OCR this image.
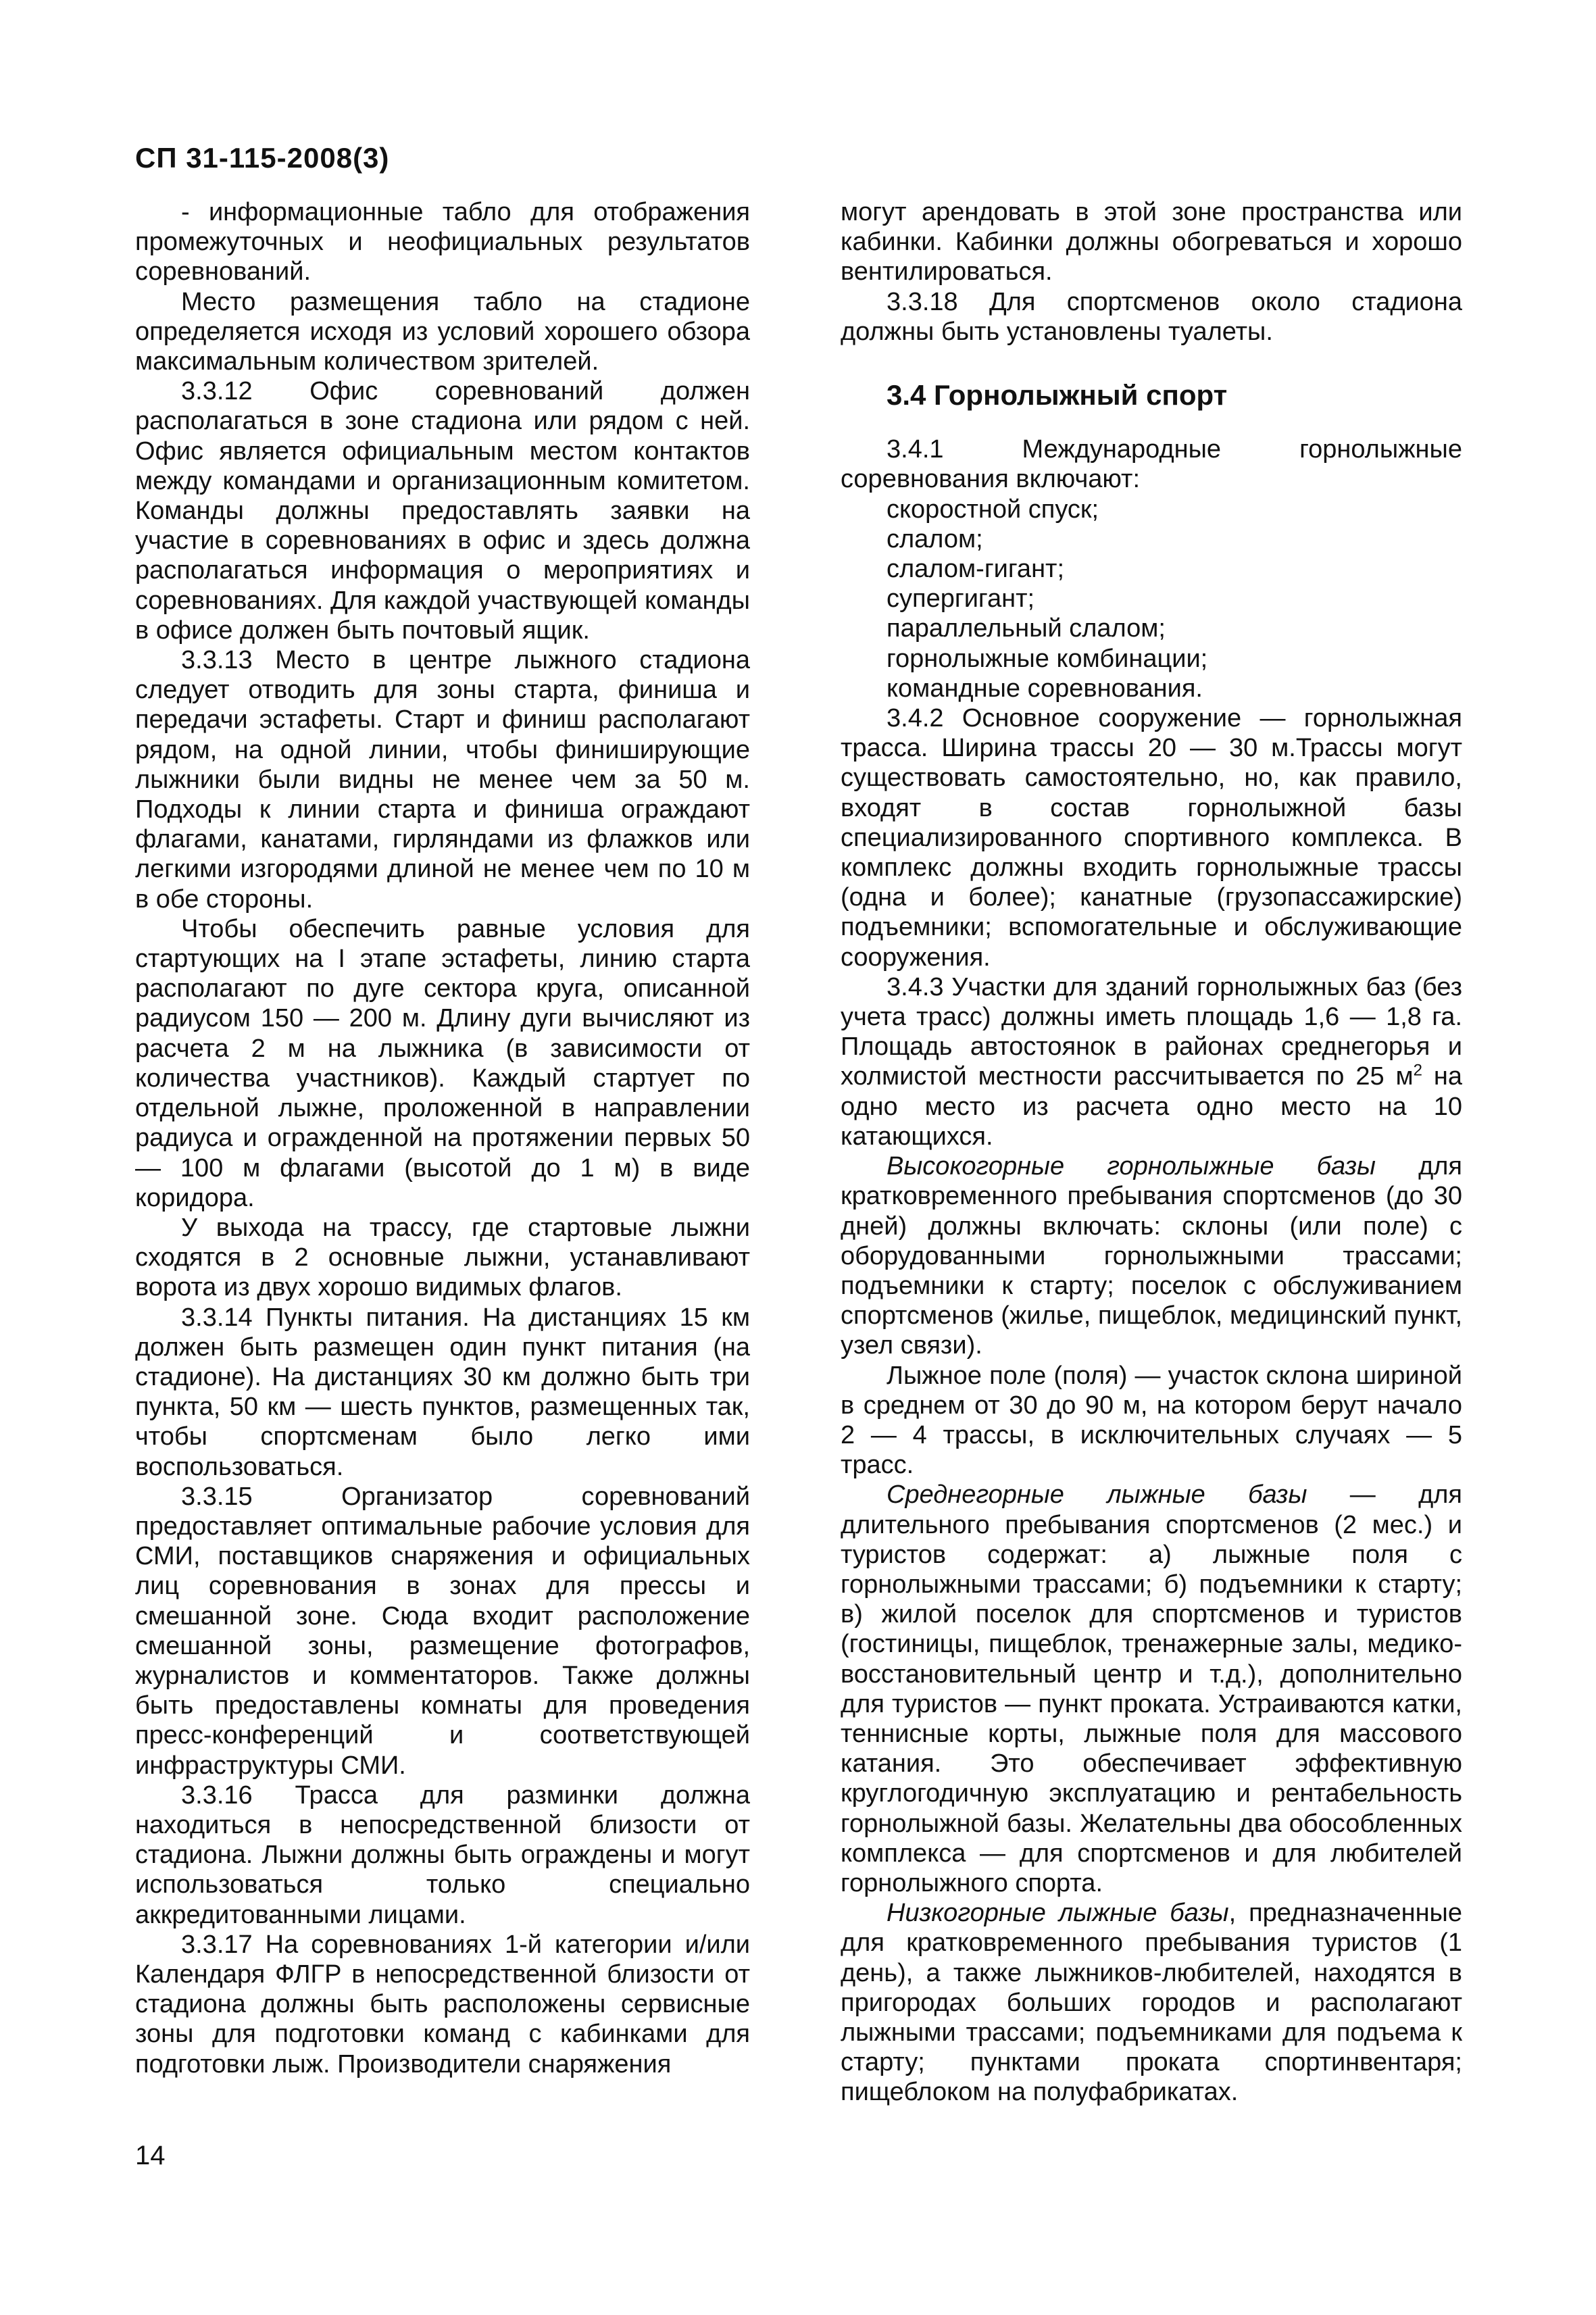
СП 31-115-2008(3)

- информационные табло для отображения промежуточных и неофициальных результатов соревнований.

Место размещения табло на стадионе определяется исходя из условий хорошего обзора максимальным количеством зрителей.

3.3.12 Офис соревнований должен располагаться в зоне стадиона или рядом с ней. Офис является официальным местом контактов между командами и организационным комитетом. Команды должны предоставлять заявки на участие в соревнованиях в офис и здесь должна располагаться информация о мероприятиях и соревнованиях. Для каждой участвующей команды в офисе должен быть почтовый ящик.

3.3.13 Место в центре лыжного стадиона следует отводить для зоны старта, финиша и передачи эстафеты. Старт и финиш располагают рядом, на одной линии, чтобы финиширующие лыжники были видны не менее чем за 50 м. Подходы к линии старта и финиша ограждают флагами, канатами, гирляндами из флажков или легкими изгородями длиной не менее чем по 10 м в обе стороны.

Чтобы обеспечить равные условия для стартующих на I этапе эстафеты, линию старта располагают по дуге сектора круга, описанной радиусом 150 — 200 м. Длину дуги вычисляют из расчета 2 м на лыжника (в зависимости от количества участников). Каждый стартует по отдельной лыжне, проложенной в направлении радиуса и огражденной на протяжении первых 50 — 100 м флагами (высотой до 1 м) в виде коридора.

У выхода на трассу, где стартовые лыжни сходятся в 2 основные лыжни, устанавливают ворота из двух хорошо видимых флагов.

3.3.14 Пункты питания. На дистанциях 15 км должен быть размещен один пункт питания (на стадионе). На дистанциях 30 км должно быть три пункта, 50 км — шесть пунктов, размещенных так, чтобы спортсменам было легко ими воспользоваться.

3.3.15 Организатор соревнований предоставляет оптимальные рабочие условия для СМИ, поставщиков снаряжения и официальных лиц соревнования в зонах для прессы и смешанной зоне. Сюда входит расположение смешанной зоны, размещение фотографов, журналистов и комментаторов. Также должны быть предоставлены комнаты для проведения пресс-конференций и соответствующей инфраструктуры СМИ.

3.3.16 Трасса для разминки должна находиться в непосредственной близости от стадиона. Лыжни должны быть ограждены и могут использоваться только специально аккредитованными лицами.

3.3.17 На соревнованиях 1-й категории и/или Календаря ФЛГР в непосредственной близости от стадиона должны быть расположены сервисные зоны для подготовки команд с кабинками для подготовки лыж. Производители снаряжения

могут арендовать в этой зоне пространства или кабинки. Кабинки должны обогреваться и хорошо вентилироваться.

3.3.18 Для спортсменов около стадиона должны быть установлены туалеты.

3.4 Горнолыжный спорт

3.4.1 Международные горнолыжные соревнования включают:

скоростной спуск;

слалом;

слалом-гигант;

супергигант;

параллельный слалом;

горнолыжные комбинации;

командные соревнования.

3.4.2 Основное сооружение — горнолыжная трасса. Ширина трассы 20 — 30 м.Трассы могут существовать самостоятельно, но, как правило, входят в состав горнолыжной базы специализированного спортивного комплекса. В комплекс должны входить горнолыжные трассы (одна и более); канатные (грузопассажирские) подъемники; вспомогательные и обслуживающие сооружения.

3.4.3 Участки для зданий горнолыжных баз (без учета трасс) должны иметь площадь 1,6 — 1,8 га. Площадь автостоянок в районах среднегорья и холмистой местности рассчитывается по 25 $м^2$ на одно место из расчета одно место на 10 катающихся.

Высокогорные горнолыжные базы для кратковременного пребывания спортсменов (до 30 дней) должны включать: склоны (или поле) с оборудованными горнолыжными трассами; подъемники к старту; поселок с обслуживанием спортсменов (жилье, пищеблок, медицинский пункт, узел связи).

Лыжное поле (поля) — участок склона шириной в среднем от 30 до 90 м, на котором берут начало 2 — 4 трассы, в исключительных случаях — 5 трасс.

Среднегорные лыжные базы — для длительного пребывания спортсменов (2 мес.) и туристов содержат: а) лыжные поля с горнолыжными трассами; б) подъемники к старту; в) жилой поселок для спортсменов и туристов (гостиницы, пищеблок, тренажерные залы, медико-восстановительный центр и т.д.), дополнительно для туристов — пункт проката. Устраиваются катки, теннисные корты, лыжные поля для массового катания. Это обеспечивает эффективную круглогодичную эксплуатацию и рентабельность горнолыжной базы. Желательны два обособленных комплекса — для спортсменов и для любителей горнолыжного спорта.

Низкогорные лыжные базы, предназначенные для кратковременного пребывания туристов (1 день), а также лыжников-любителей, находятся в пригородах больших городов и располагают лыжными трассами; подъемниками для подъема к старту; пунктами проката спортинвентаря; пищеблоком на полуфабрикатах.

14
